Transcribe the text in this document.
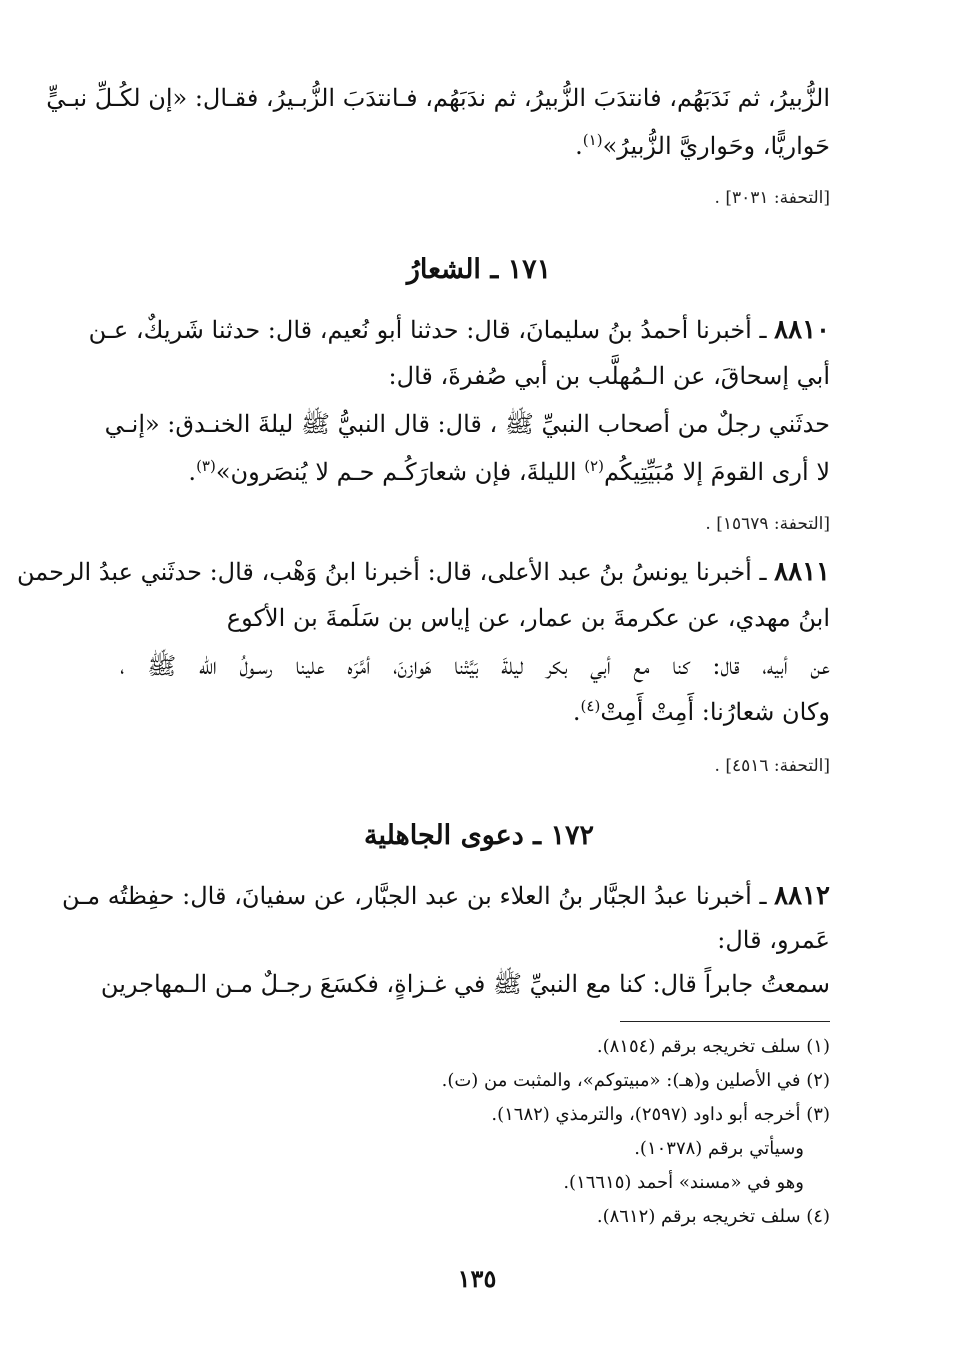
الزُّبيرُ، ثم نَدَبَهُم، فانتدَبَ الزُّبيرُ، ثم ندَبَهُم، فـانتدَبَ الزُّبـيرُ، فقـال: «إن لكُـلِّ نبـيٍّ
حَواريًّا، وحَواريَّ الزُّبيرُ»$^{(١)}$.
[التحفة: ٣٠٣١] .
١٧١ ـ الشعارُ
٨٨١٠ ـ أخبرنا أحمدُ بنُ سليمانَ، قال: حدثنا أبو نُعيم، قال: حدثنا شَريكٌ، عـن
أبي إسحاقَ، عن الـمُهلَّب بن أبي صُفرةَ، قال:
حدثَني رجلٌ من أصحاب النبيِّ ﷺ ، قال: قال النبيُّ ﷺ ليلةَ الخنـدق: «إنـي
لا أرى القومَ إلا مُبَيِّتِيكُم$^{(٢)}$ الليلةَ، فإن شعارَكُـم حـم لا يُنصَرون»$^{(٣)}$.
[التحفة: ١٥٦٧٩] .
٨٨١١ ـ أخبرنا يونسُ بنُ عبد الأعلى، قال: أخبرنا ابنُ وَهْب، قال: حدثَني عبدُ الرحمن
ابنُ مهدي، عن عكرمةَ بن عمار، عن إياس بن سَلَمةَ بن الأكوع
عن أبيه، قال: كنا مع أبي بكر ليلةَ بَيَّتْنا هَوازنَ، أمَّرَه علينا رسـولُ الله ﷺ ،
وكان شعارُنا: أَمِتْ أَمِتْ$^{(٤)}$.
[التحفة: ٤٥١٦] .
١٧٢ ـ دعوى الجاهلية
٨٨١٢ ـ أخبرنا عبدُ الجبَّار بنُ العلاء بن عبد الجبَّار، عن سفيانَ، قال: حفِظتُه مـن
عَمرو، قال:
سمعتُ جابراً قال: كنا مع النبيِّ ﷺ في غـزاةٍ، فكسَعَ رجـلٌ مـن الـمهاجرين
(١) سلف تخريجه برقم (٨١٥٤).
(٢) في الأصلين و(هـ): «مبيتوكم»، والمثبت من (ت).
(٣) أخرجه أبو داود (٢٥٩٧)، والترمذي (١٦٨٢).
وسيأتي برقم (١٠٣٧٨).
وهو في «مسند» أحمد (١٦٦١٥).
(٤) سلف تخريجه برقم (٨٦١٢).
١٣٥
